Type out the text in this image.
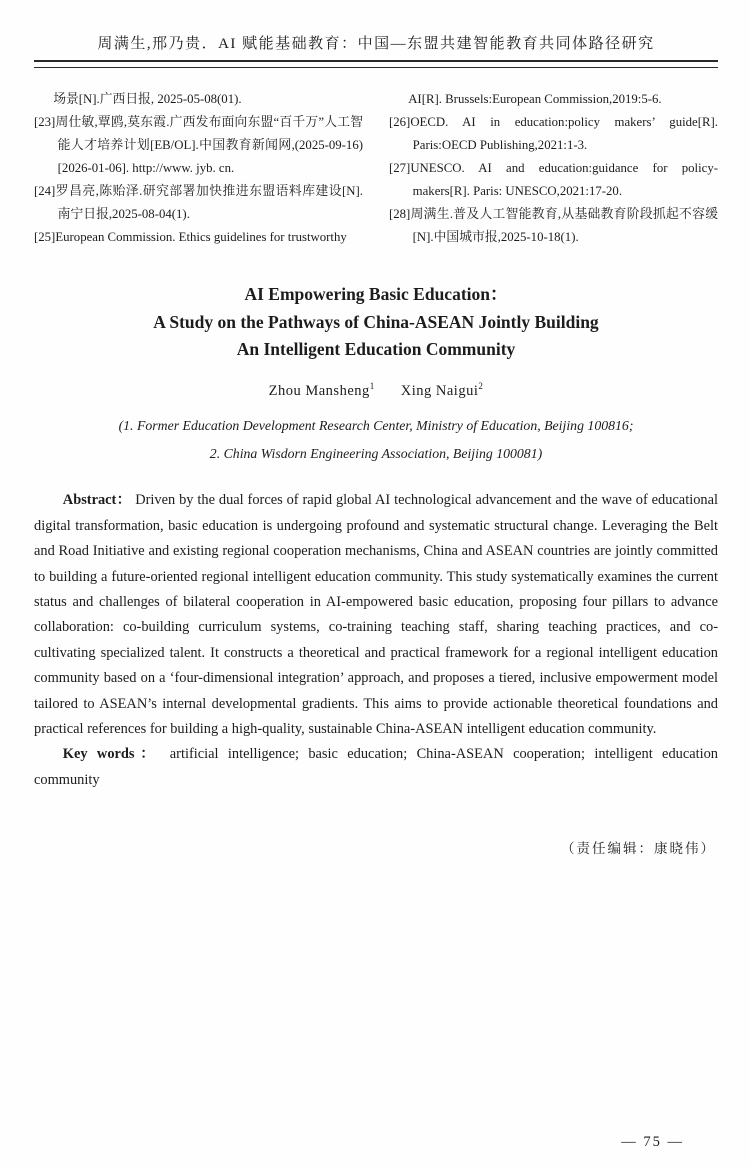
周满生,邢乃贵．AI 赋能基础教育：中国—东盟共建智能教育共同体路径研究
场景[N].广西日报, 2025-05-08(01).
[23]周仕敏,覃鸥,莫东霞.广西发布面向东盟“百千万”人工智能人才培养计划[EB/OL].中国教育新闻网,(2025-09-16)[2026-01-06]. http://www. jyb. cn.
[24]罗昌亮,陈贻泽.研究部署加快推进东盟语料库建设[N].南宁日报,2025-08-04(1).
[25]European Commission. Ethics guidelines for trustworthy
AI[R]. Brussels:European Commission,2019:5-6.
[26]OECD. AI in education:policy makers’ guide[R]. Paris:OECD Publishing,2021:1-3.
[27]UNESCO. AI and education:guidance for policy-makers[R]. Paris: UNESCO,2021:17-20.
[28]周满生.普及人工智能教育,从基础教育阶段抓起不容缓[N].中国城市报,2025-10-18(1).
AI Empowering Basic Education：
A Study on the Pathways of China-ASEAN Jointly Building
An Intelligent Education Community
Zhou Mansheng$^1$ Xing Naigui$^2$
(1. Former Education Development Research Center, Ministry of Education, Beijing 100816;
2. China Wisdorn Engineering Association, Beijing 100081)

Abstract： Driven by the dual forces of rapid global AI technological advancement and the wave of educational digital transformation, basic education is undergoing profound and systematic structural change. Leveraging the Belt and Road Initiative and existing regional cooperation mechanisms, China and ASEAN countries are jointly committed to building a future-oriented regional intelligent education community. This study systematically examines the current status and challenges of bilateral cooperation in AI-empowered basic education, proposing four pillars to advance collaboration: co-building curriculum systems, co-training teaching staff, sharing teaching practices, and co-cultivating specialized talent. It constructs a theoretical and practical framework for a regional intelligent education community based on a ‘four-dimensional integration’ approach, and proposes a tiered, inclusive empowerment model tailored to ASEAN’s internal developmental gradients. This aims to provide actionable theoretical foundations and practical references for building a high-quality, sustainable China-ASEAN intelligent education community.

Key words： artificial intelligence; basic education; China-ASEAN cooperation; intelligent education community

（责任编辑：康晓伟）
— 75 —
